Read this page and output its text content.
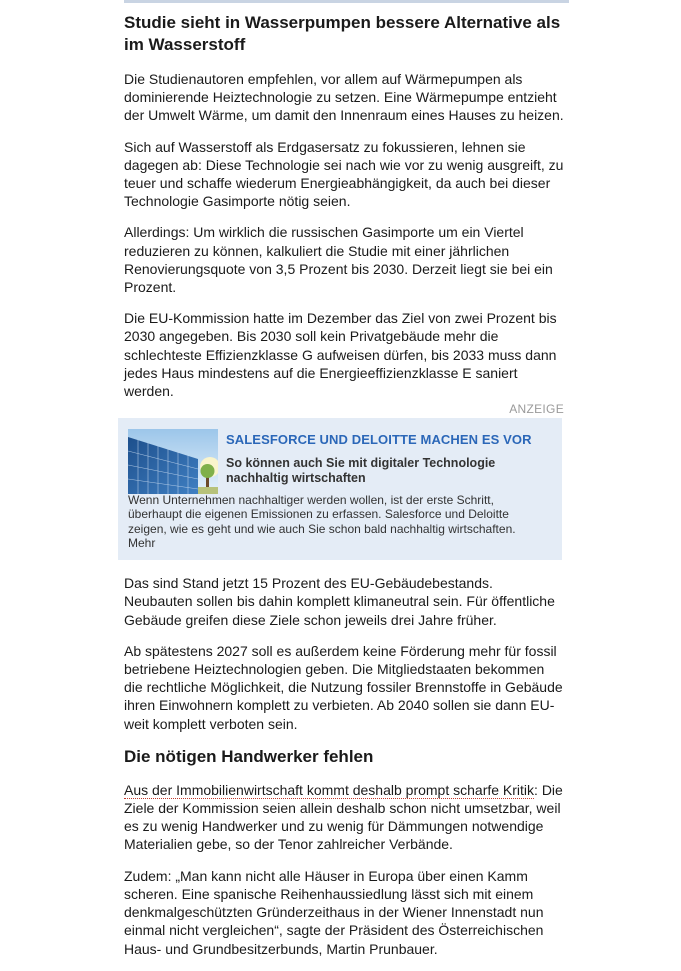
Studie sieht in Wasserpumpen bessere Alternative als im Wasserstoff

Die Studienautoren empfehlen, vor allem auf Wärmepumpen als dominierende Heiztechnologie zu setzen. Eine Wärmepumpe entzieht der Umwelt Wärme, um damit den Innenraum eines Hauses zu heizen.

Sich auf Wasserstoff als Erdgasersatz zu fokussieren, lehnen sie dagegen ab: Diese Technologie sei nach wie vor zu wenig ausgreift, zu teuer und schaffe wiederum Energieabhängigkeit, da auch bei dieser Technologie Gasimporte nötig seien.

Allerdings: Um wirklich die russischen Gasimporte um ein Viertel reduzieren zu können, kalkuliert die Studie mit einer jährlichen Renovierungsquote von 3,5 Prozent bis 2030. Derzeit liegt sie bei ein Prozent.

Die EU-Kommission hatte im Dezember das Ziel von zwei Prozent bis 2030 angegeben. Bis 2030 soll kein Privatgebäude mehr die schlechteste Effizienzklasse G aufweisen dürfen, bis 2033 muss dann jedes Haus mindestens auf die Energieeffizienzklasse E saniert werden.

ANZEIGE
SALESFORCE UND DELOITTE MACHEN ES VOR
So können auch Sie mit digitaler Technologie nachhaltig wirtschaften
Wenn Unternehmen nachhaltiger werden wollen, ist der erste Schritt, überhaupt die eigenen Emissionen zu erfassen. Salesforce und Deloitte zeigen, wie es geht und wie auch Sie schon bald nachhaltig wirtschaften.
Mehr

Das sind Stand jetzt 15 Prozent des EU-Gebäudebestands. Neubauten sollen bis dahin komplett klimaneutral sein. Für öffentliche Gebäude greifen diese Ziele schon jeweils drei Jahre früher.

Ab spätestens 2027 soll es außerdem keine Förderung mehr für fossil betriebene Heiztechnologien geben. Die Mitgliedstaaten bekommen die rechtliche Möglichkeit, die Nutzung fossiler Brennstoffe in Gebäude ihren Einwohnern komplett zu verbieten. Ab 2040 sollen sie dann EU-weit komplett verboten sein.

Die nötigen Handwerker fehlen

Aus der Immobilienwirtschaft kommt deshalb prompt scharfe Kritik: Die Ziele der Kommission seien allein deshalb schon nicht umsetzbar, weil es zu wenig Handwerker und zu wenig für Dämmungen notwendige Materialien gebe, so der Tenor zahlreicher Verbände.

Zudem: „Man kann nicht alle Häuser in Europa über einen Kamm scheren. Eine spanische Reihenhaussiedlung lässt sich mit einem denkmalgeschützten Gründerzeithaus in der Wiener Innenstadt nun einmal nicht vergleichen“, sagte der Präsident des Österreichischen Haus- und Grundbesitzerbunds, Martin Prunbauer.
